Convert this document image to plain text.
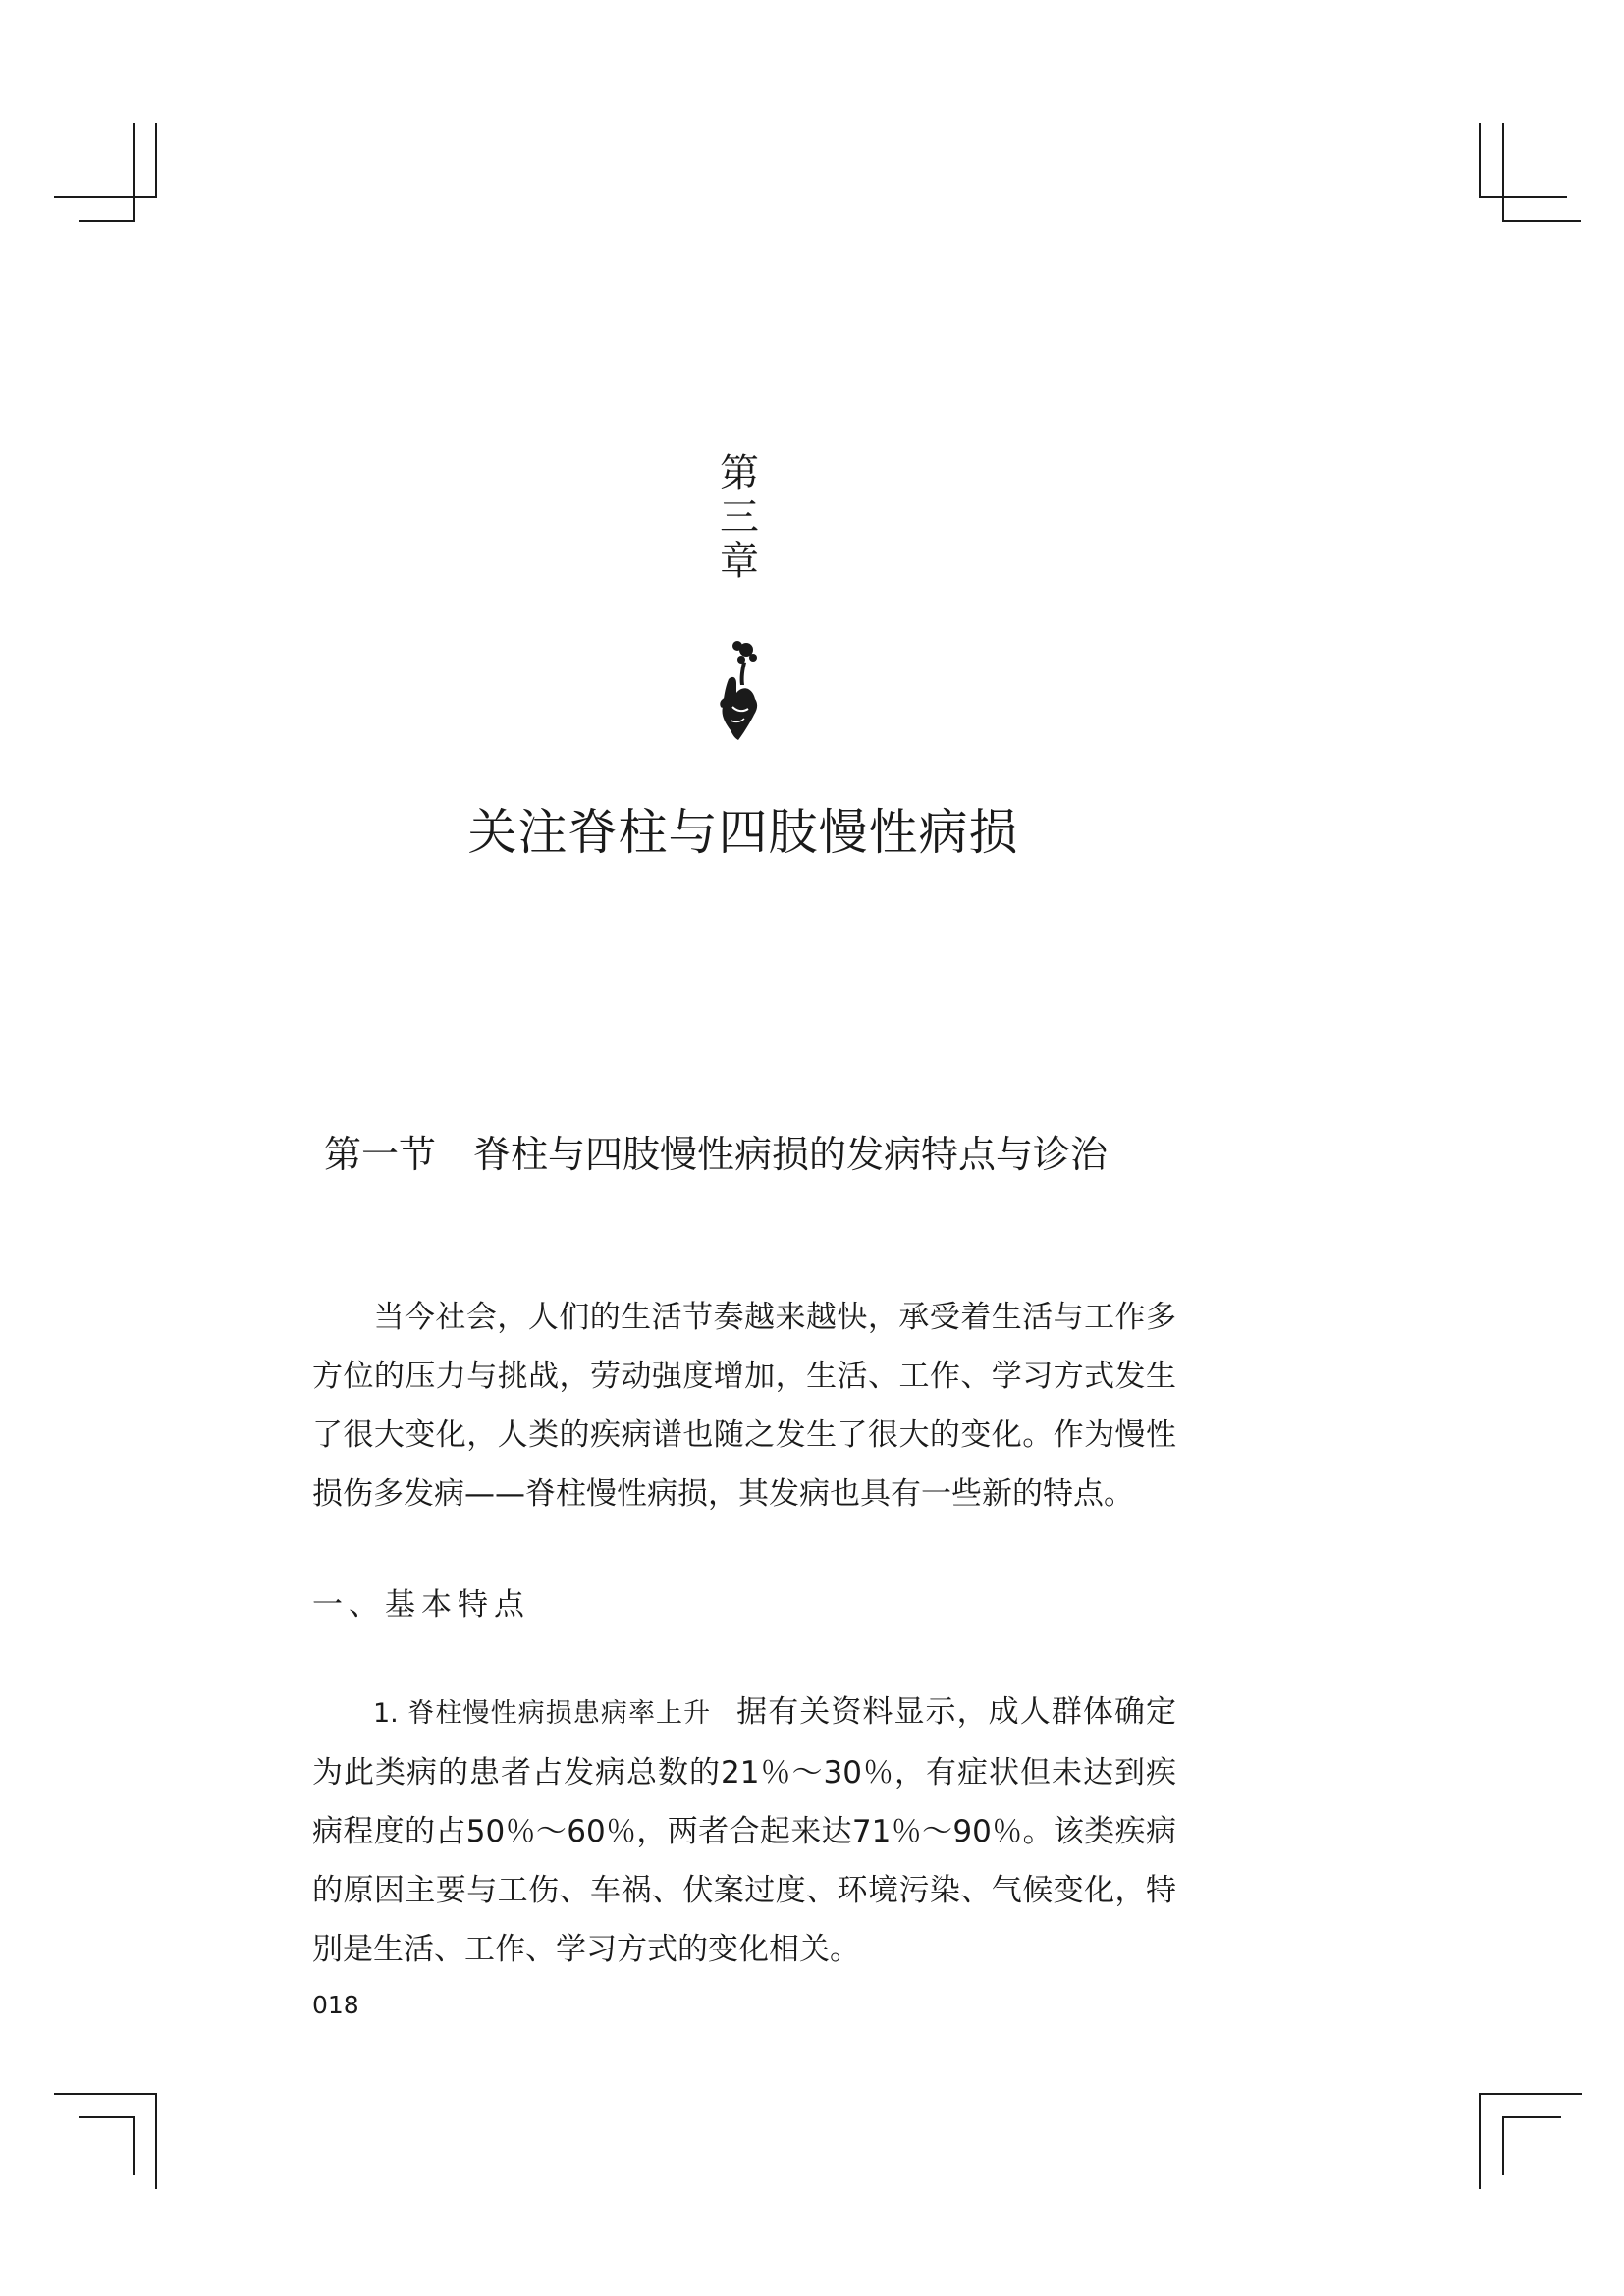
第
三
章
关注脊柱与四肢慢性病损
第一节 脊柱与四肢慢性病损的发病特点与诊治
当今社会，人们的生活节奏越来越快，承受着生活与工作多方位的压力与挑战，劳动强度增加，生活、工作、学习方式发生了很大变化，人类的疾病谱也随之发生了很大的变化。作为慢性损伤多发病——脊柱慢性病损，其发病也具有一些新的特点。
一、基本特点
1. 脊柱慢性病损患病率上升 据有关资料显示，成人群体确定为此类病的患者占发病总数的21％～30％，有症状但未达到疾病程度的占50％～60％，两者合起来达71％～90％。该类疾病的原因主要与工伤、车祸、伏案过度、环境污染、气候变化，特别是生活、工作、学习方式的变化相关。
018
